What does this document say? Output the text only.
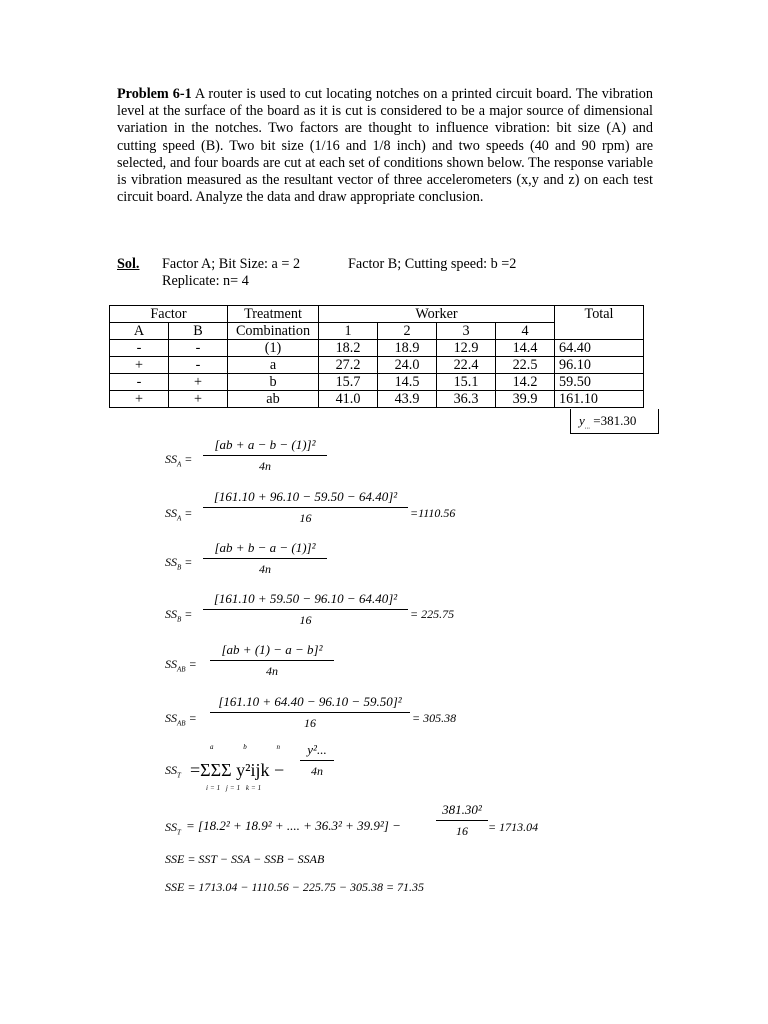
Problem 6-1 A router is used to cut locating notches on a printed circuit board. The vibration level at the surface of the board as it is cut is considered to be a major source of dimensional variation in the notches. Two factors are thought to influence vibration: bit size (A) and cutting speed (B). Two bit size (1/16 and 1/8 inch) and two speeds (40 and 90 rpm) are selected, and four boards are cut at each set of conditions shown below. The response variable is vibration measured as the resultant vector of three accelerometers (x,y and z) on each test circuit board. Analyze the data and draw appropriate conclusion.
Sol. Factor A; Bit Size: a = 2	Factor B; Cutting speed: b =2
Replicate: n= 4
Factor		Treatment	Worker				Total
A	B	Combination	1	2	3	4	
-	-	(1)	18.2	18.9	12.9	14.4	64.40
+	-	a	27.2	24.0	22.4	22.5	96.10
-	+	b	15.7	14.5	15.1	14.2	59.50
+	+	ab	41.0	43.9	36.3	39.9	161.10
$y_{...} =381.30$
$SS_A$ =
[ab + a − b − (1)]²
4n
$SS_A$ =
[161.10 + 96.10 − 59.50 − 64.40]²
16	=1110.56
$SS_B$ =
[ab + b − a − (1)]²
4n
$SS_B$ =
[161.10 + 59.50 − 96.10 − 64.40]²
16	= 225.75
$SS_{AB}$ =
[ab + (1) − a − b]²
4n
$SS_{AB}$ =
[161.10 + 64.40 − 96.10 − 59.50]²
16	= 305.38
$SS_T$
a b n
=ΣΣΣ y²ijk −
i=1 j=1 k=1
y²...
4n
$SS_T = [18.2^2 + 18.9^2$ + .... + 36.3² + 39.9²] −
381.30²
16	= 1713.04
SSE = SST − SSA − SSB − SSAB
SSE = 1713.04 − 1110.56 − 225.75 − 305.38 = 71.35
